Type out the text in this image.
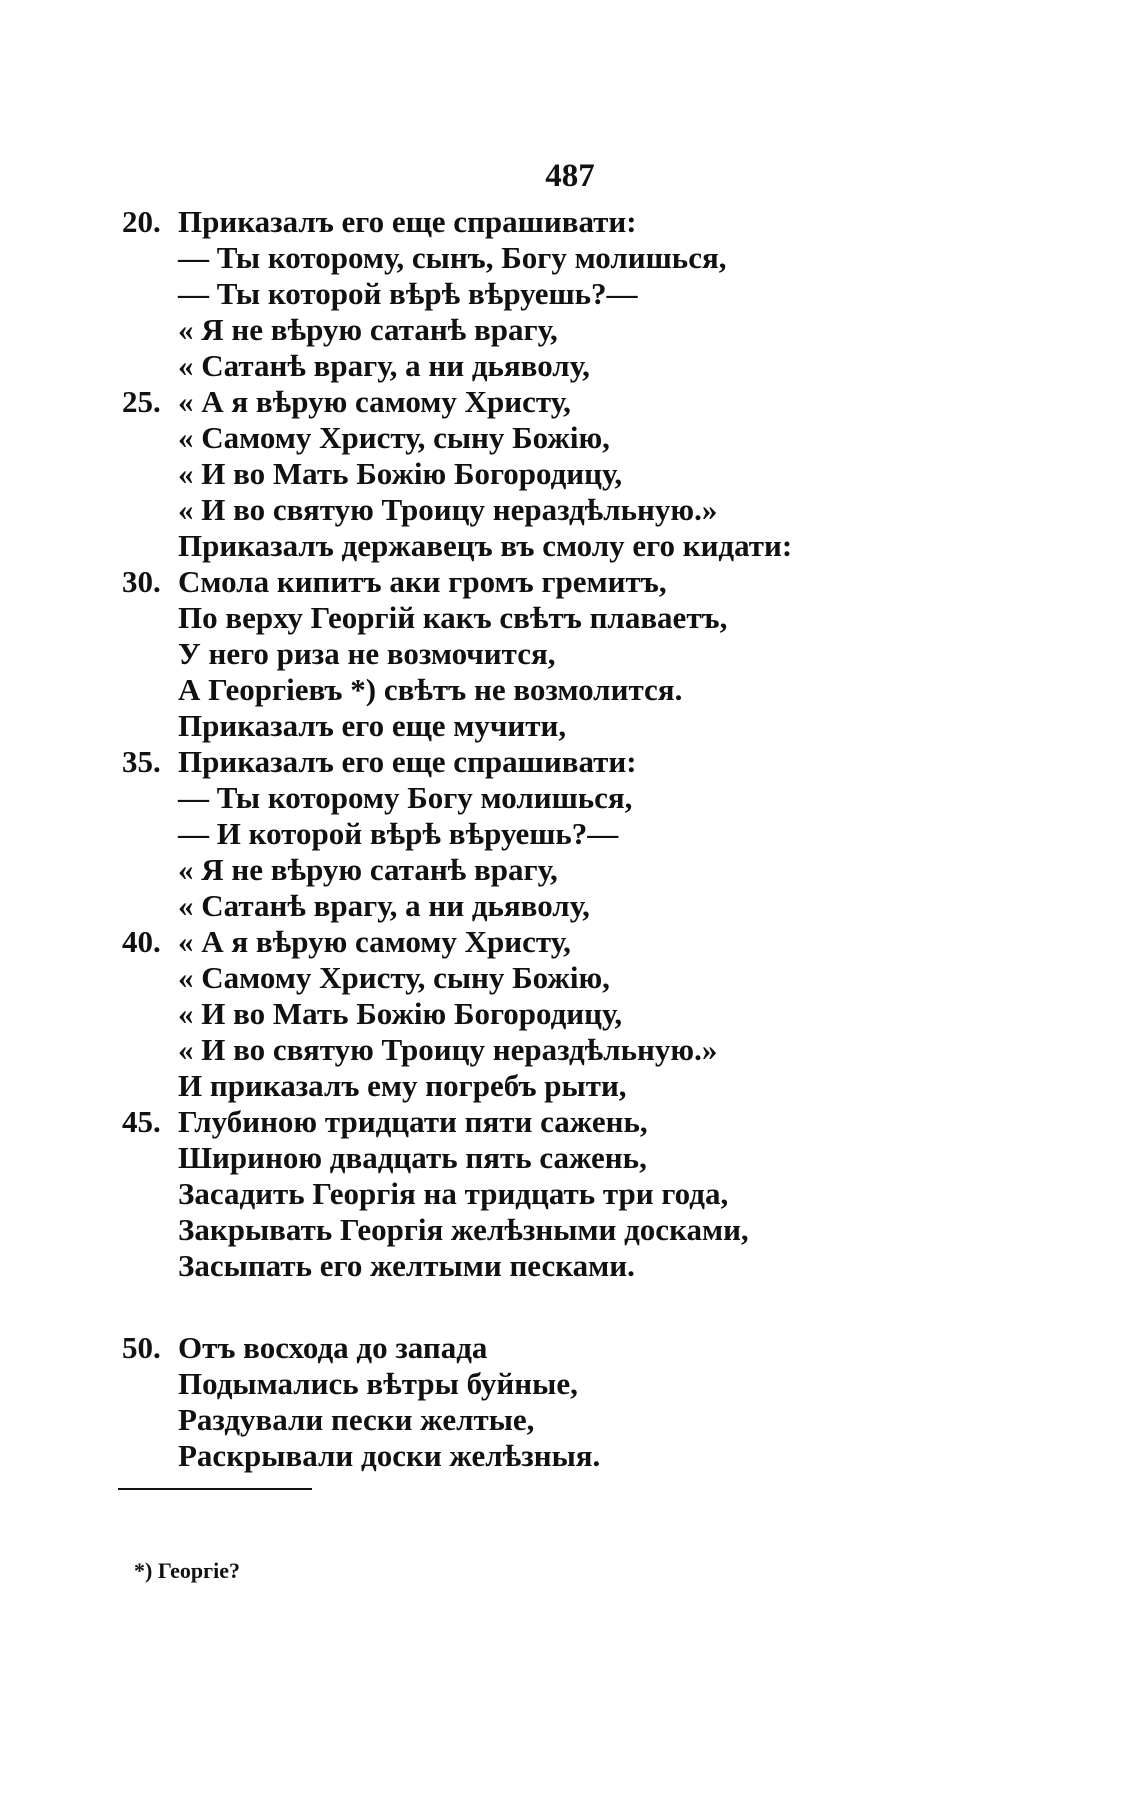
487
20. Приказалъ его еще спрашивати:
— Ты которому, сынъ, Богу молишься,
— Ты которой вѣрѣ вѣруешь?—
« Я не вѣрую сатанѣ врагу,
« Сатанѣ врагу, а ни дьяволу,
25. « А я вѣрую самому Христу,
« Самому Христу, сыну Божію,
« И во Мать Божію Богородицу,
« И во святую Троицу нераздѣльную.»
Приказалъ державецъ въ смолу его кидати:
30. Смола кипитъ аки громъ гремитъ,
По верху Георгій какъ свѣтъ плаваетъ,
У него риза не возмочится,
А Георгіевъ *) свѣтъ не возмолится.
Приказалъ его еще мучити,
35. Приказалъ его еще спрашивати:
— Ты которому Богу молишься,
— И которой вѣрѣ вѣруешь?—
« Я не вѣрую сатанѣ врагу,
« Сатанѣ врагу, а ни дьяволу,
40. « А я вѣрую самому Христу,
« Самому Христу, сыну Божію,
« И во Мать Божію Богородицу,
« И во святую Троицу нераздѣльную.»
И приказалъ ему погребъ рыти,
45. Глубиною тридцати пяти сажень,
Шириною двадцать пять сажень,
Засадить Георгія на тридцать три года,
Закрывать Георгія желѣзными досками,
Засыпать его желтыми песками.
50. Отъ восхода до запада
Подымались вѣтры буйные,
Раздували пески желтые,
Раскрывали доски желѣзныя.
*) Георгіе?
